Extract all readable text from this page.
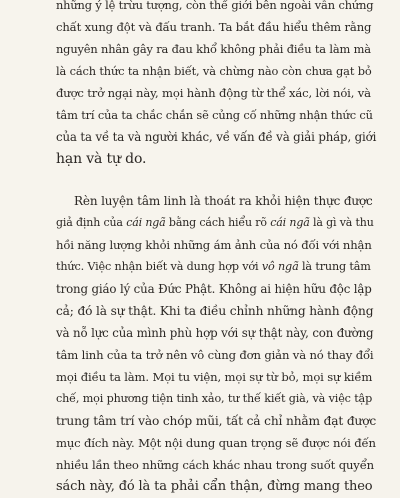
những ý lệ trừu tượng, còn thế giới bên ngoài vẫn chứng
chất xung đột và đấu tranh. Ta bắt đầu hiểu thêm rằng
nguyên nhân gây ra đau khổ không phải điều ta làm mà
là cách thức ta nhận biết, và chừng nào còn chưa gạt bỏ
được trở ngại này, mọi hành động từ thể xác, lời nói, và
tâm trí của ta chắc chắn sẽ củng cố những nhận thức cũ
của ta về ta và người khác, về vấn đề và giải pháp, giới
hạn và tự do.
Rèn luyện tâm linh là thoát ra khỏi hiện thực được
giả định của cái ngã bằng cách hiểu rõ cái ngã là gì và thu
hồi năng lượng khỏi những ám ảnh của nó đối với nhận
thức. Việc nhận biết và dung hợp với vô ngã là trung tâm
trong giáo lý của Đức Phật. Không ai hiện hữu độc lập
cả; đó là sự thật. Khi ta điều chỉnh những hành động
và nỗ lực của mình phù hợp với sự thật này, con đường
tâm linh của ta trở nên vô cùng đơn giản và nó thay đổi
mọi điều ta làm. Mọi tu viện, mọi sự từ bỏ, mọi sự kiềm
chế, mọi phương tiện tinh xảo, tư thế kiết già, và việc tập
trung tâm trí vào chóp mũi, tất cả chỉ nhằm đạt được
mục đích này. Một nội dung quan trọng sẽ được nói đến
nhiều lần theo những cách khác nhau trong suốt quyển
sách này, đó là ta phải cẩn thận, đừng mang theo
